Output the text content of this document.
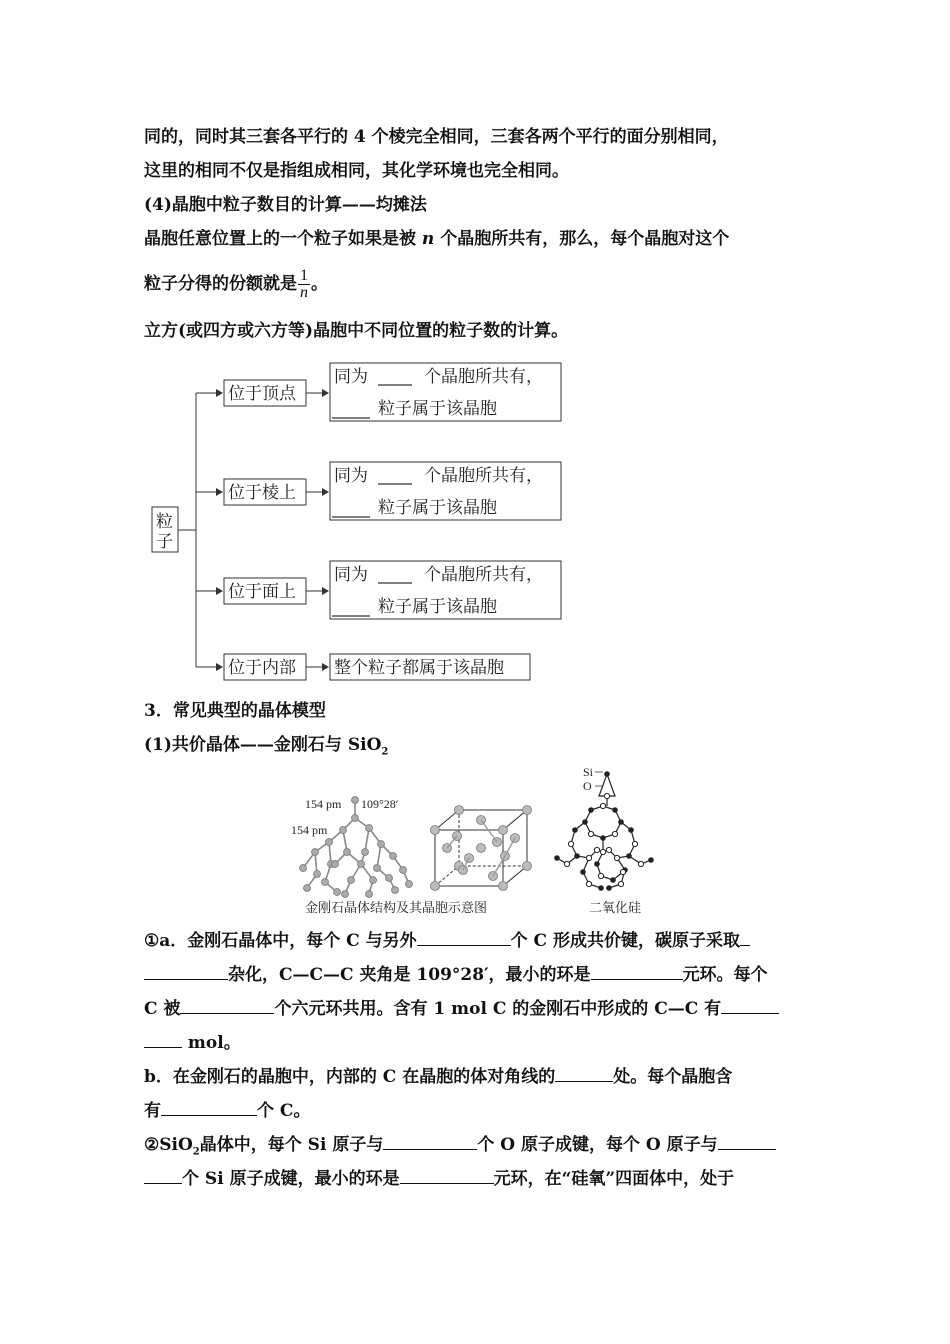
同的，同时其三套各平行的 4 个棱完全相同，三套各两个平行的面分别相同，
这里的相同不仅是指组成相同，其化学环境也完全相同。
(4)晶胞中粒子数目的计算——均摊法
晶胞任意位置上的一个粒子如果是被 n 个晶胞所共有，那么，每个晶胞对这个
粒子分得的份额就是 $\frac{1}{n}$ 。
立方(或四方或六方等)晶胞中不同位置的粒子数的计算。
粒
子
位于顶点
位于棱上
位于面上
位于内部
同为	个晶胞所共有，
粒子属于该晶胞
同为	个晶胞所共有，
粒子属于该晶胞
同为	个晶胞所共有，
粒子属于该晶胞
整个粒子都属于该晶胞
3．常见典型的晶体模型
(1)共价晶体——金刚石与 SiO$_2$
154 pm 109°28′
154 pm
Si
O
金刚石晶体结构及其晶胞示意图	二氧化硅
①a．金刚石晶体中，每个 C 与另外	个 C 形成共价键，碳原子采取
杂化，C—C—C 夹角是 109°28′，最小的环是	元环。每个
C 被	个六元环共用。含有 1 mol C 的金刚石中形成的 C—C 有
mol。
b．在金刚石的晶胞中，内部的 C 在晶胞的体对角线的	处。每个晶胞含
有	个 C。
②SiO$_2$晶体中，每个 Si 原子与	个 O 原子成键，每个 O 原子与
个 Si 原子成键，最小的环是	元环，在“硅氧”四面体中，处于
